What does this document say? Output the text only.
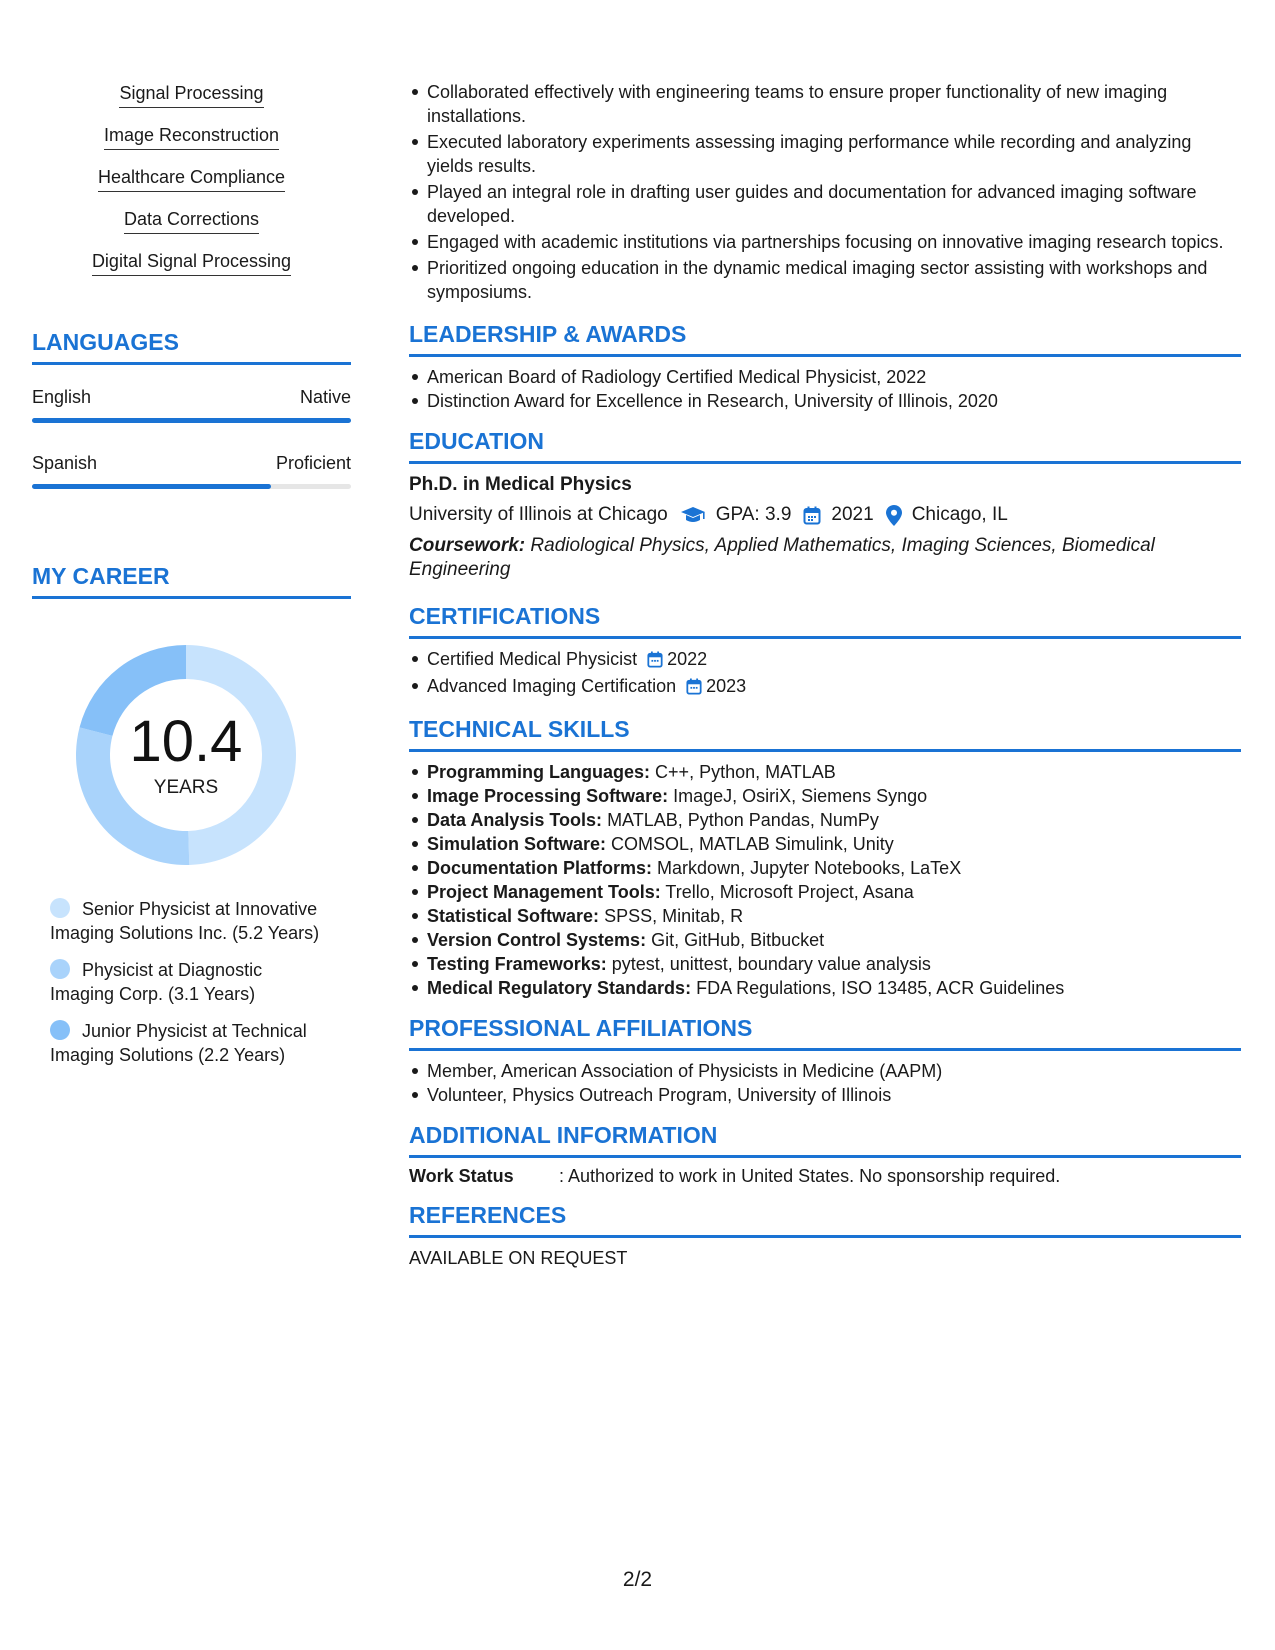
Signal Processing
Image Reconstruction
Healthcare Compliance
Data Corrections
Digital Signal Processing
LANGUAGES
English	Native
Spanish	Proficient
MY CAREER
10.4
YEARS
Senior Physicist at Innovative Imaging Solutions Inc. (5.2 Years)
Physicist at Diagnostic Imaging Corp. (3.1 Years)
Junior Physicist at Technical Imaging Solutions (2.2 Years)
Collaborated effectively with engineering teams to ensure proper functionality of new imaging installations.
Executed laboratory experiments assessing imaging performance while recording and analyzing yields results.
Played an integral role in drafting user guides and documentation for advanced imaging software developed.
Engaged with academic institutions via partnerships focusing on innovative imaging research topics.
Prioritized ongoing education in the dynamic medical imaging sector assisting with workshops and symposiums.
LEADERSHIP & AWARDS
American Board of Radiology Certified Medical Physicist, 2022
Distinction Award for Excellence in Research, University of Illinois, 2020
EDUCATION
Ph.D. in Medical Physics
University of Illinois at Chicago	GPA: 3.9 2021 Chicago, IL
Coursework: Radiological Physics, Applied Mathematics, Imaging Sciences, Biomedical Engineering
CERTIFICATIONS
Certified Medical Physicist 2022
Advanced Imaging Certification 2023
TECHNICAL SKILLS
Programming Languages: C++, Python, MATLAB
Image Processing Software: ImageJ, OsiriX, Siemens Syngo
Data Analysis Tools: MATLAB, Python Pandas, NumPy
Simulation Software: COMSOL, MATLAB Simulink, Unity
Documentation Platforms: Markdown, Jupyter Notebooks, LaTeX
Project Management Tools: Trello, Microsoft Project, Asana
Statistical Software: SPSS, Minitab, R
Version Control Systems: Git, GitHub, Bitbucket
Testing Frameworks: pytest, unittest, boundary value analysis
Medical Regulatory Standards: FDA Regulations, ISO 13485, ACR Guidelines
PROFESSIONAL AFFILIATIONS
Member, American Association of Physicists in Medicine (AAPM)
Volunteer, Physics Outreach Program, University of Illinois
ADDITIONAL INFORMATION
Work Status	: Authorized to work in United States. No sponsorship required.
REFERENCES
AVAILABLE ON REQUEST
2/2
